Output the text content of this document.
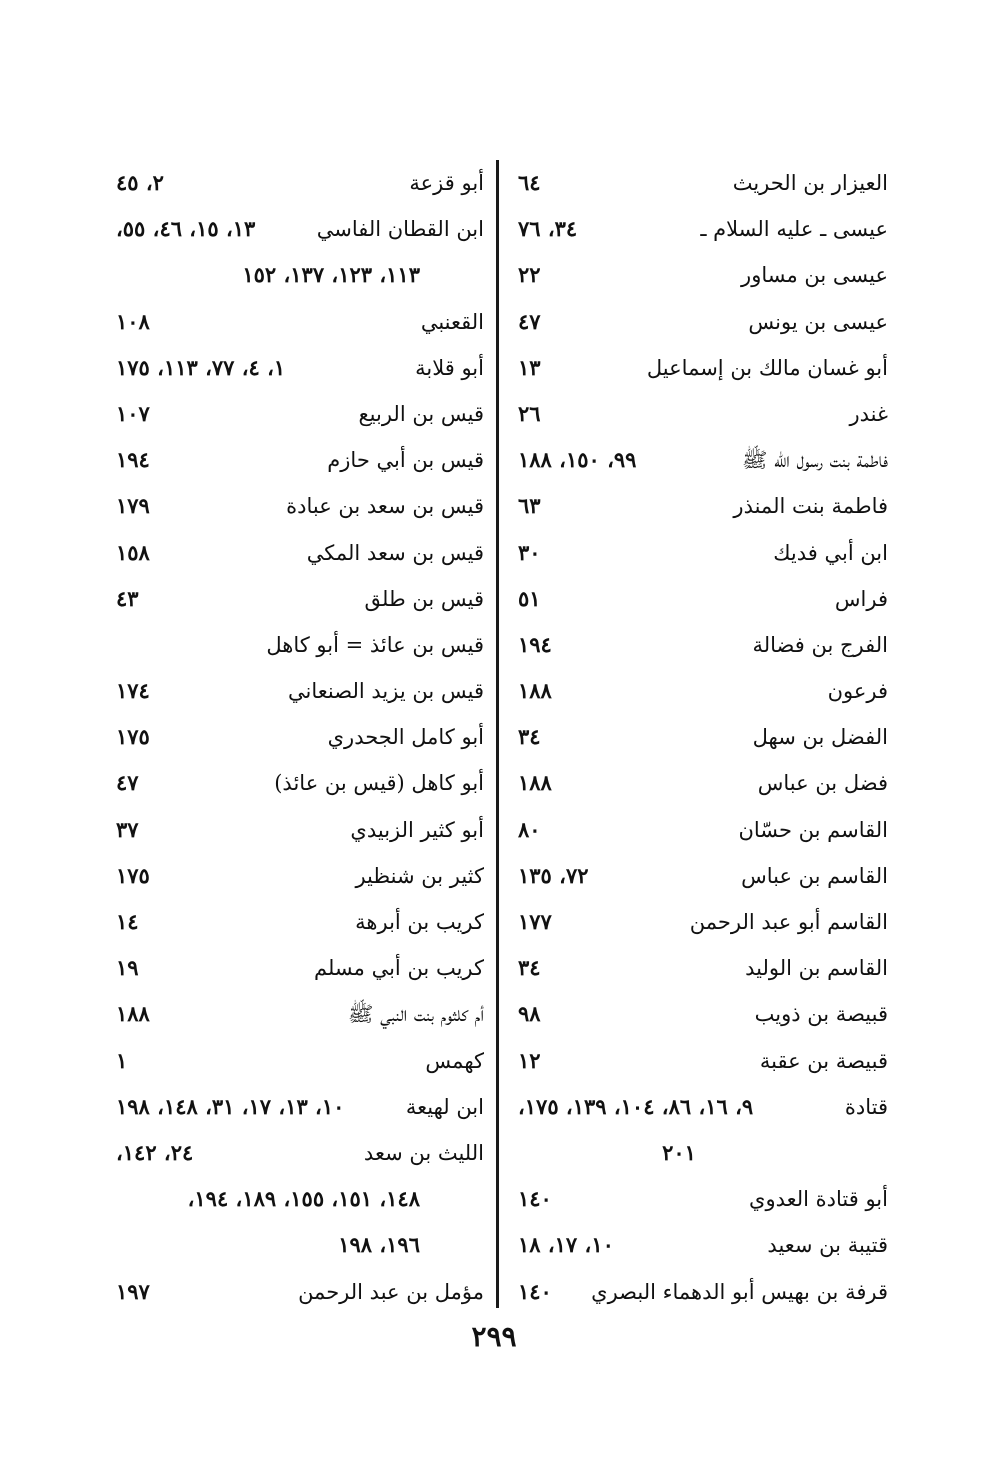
العيزار بن الحريث
٦٤
عيسى ـ عليه السلام ـ
٣٤، ٧٦
عيسى بن مساور
٢٢
عيسى بن يونس
٤٧
أبو غسان مالك بن إسماعيل
١٣
غندر
٢٦
فاطمة بنت رسول الله ﷺ
٩٩، ١٥٠، ١٨٨
فاطمة بنت المنذر
٦٣
ابن أبي فديك
٣٠
فراس
٥١
الفرج بن فضالة
١٩٤
فرعون
١٨٨
الفضل بن سهل
٣٤
فضل بن عباس
١٨٨
القاسم بن حسّان
٨٠
القاسم بن عباس
٧٢، ١٣٥
القاسم أبو عبد الرحمن
١٧٧
القاسم بن الوليد
٣٤
قبيصة بن ذويب
٩٨
قبيصة بن عقبة
١٢
قتادة
٩، ١٦، ٨٦، ١٠٤، ١٣٩، ١٧٥،
٢٠١
أبو قتادة العدوي
١٤٠
قتيبة بن سعيد
١٠، ١٧، ١٨
قرفة بن بهيس أبو الدهماء البصري
١٤٠
أبو قزعة
٢، ٤٥
ابن القطان الفاسي
١٣، ١٥، ٤٦، ٥٥،
١١٣، ١٢٣، ١٣٧، ١٥٢
القعنبي
١٠٨
أبو قلابة
١، ٤، ٧٧، ١١٣، ١٧٥
قيس بن الربيع
١٠٧
قيس بن أبي حازم
١٩٤
قيس بن سعد بن عبادة
١٧٩
قيس بن سعد المكي
١٥٨
قيس بن طلق
٤٣
قيس بن عائذ = أبو كاهل
قيس بن يزيد الصنعاني
١٧٤
أبو كامل الجحدري
١٧٥
أبو كاهل (قيس بن عائذ)
٤٧
أبو كثير الزبيدي
٣٧
كثير بن شنظير
١٧٥
كريب بن أبرهة
١٤
كريب بن أبي مسلم
١٩
أم كلثوم بنت النبي ﷺ
١٨٨
كهمس
١
ابن لهيعة
١٠، ١٣، ١٧، ٣١، ١٤٨، ١٩٨
الليث بن سعد
٢٤، ١٤٢،
١٤٨، ١٥١، ١٥٥، ١٨٩، ١٩٤،
١٩٦، ١٩٨
مؤمل بن عبد الرحمن
١٩٧
٢٩٩
